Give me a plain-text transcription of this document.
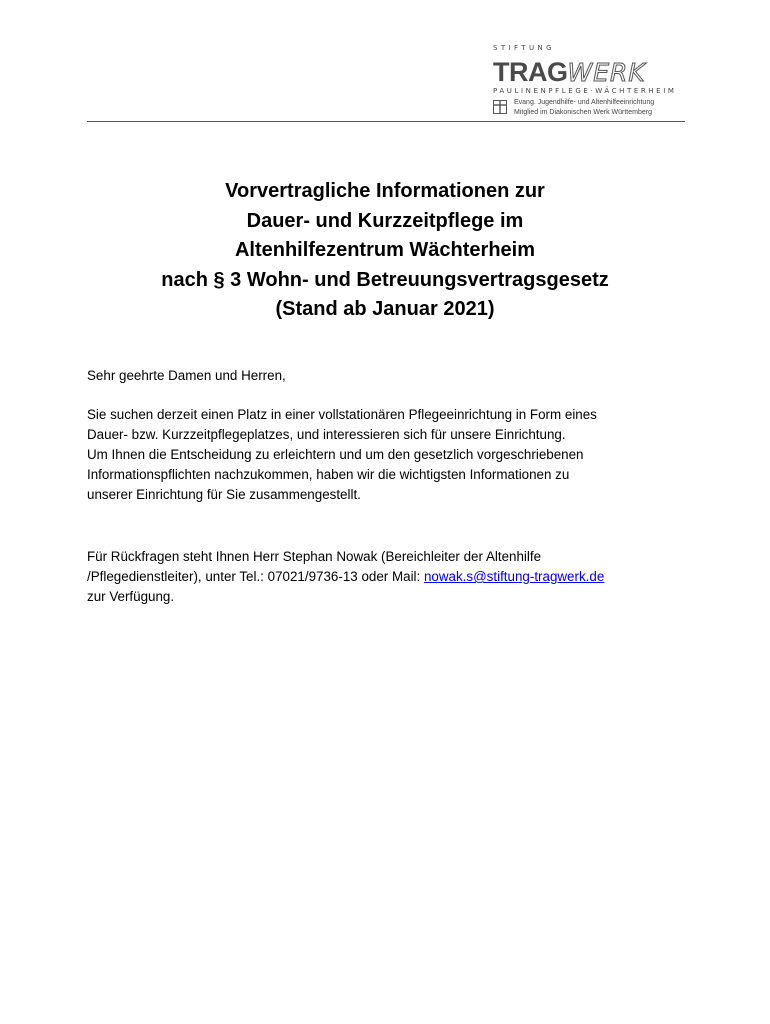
STIFTUNG
TRAGWERK
PAULINENPFLEGE·WÄCHTERHEIM
Evang. Jugendhilfe- und Altenhilfeeinrichtung
Mitglied im Diakonischen Werk Württemberg
Vorvertragliche Informationen zur
Dauer- und Kurzzeitpflege im
Altenhilfezentrum Wächterheim
nach § 3 Wohn- und Betreuungsvertragsgesetz
(Stand ab Januar 2021)
Sehr geehrte Damen und Herren,
Sie suchen derzeit einen Platz in einer vollstationären Pflegeeinrichtung in Form eines
Dauer- bzw. Kurzzeitpflegeplatzes, und interessieren sich für unsere Einrichtung.
Um Ihnen die Entscheidung zu erleichtern und um den gesetzlich vorgeschriebenen
Informationspflichten nachzukommen, haben wir die wichtigsten Informationen zu
unserer Einrichtung für Sie zusammengestellt.
Für Rückfragen steht Ihnen Herr Stephan Nowak (Bereichleiter der Altenhilfe
/Pflegedienstleiter), unter Tel.: 07021/9736-13 oder Mail: nowak.s@stiftung-tragwerk.de
zur Verfügung.
